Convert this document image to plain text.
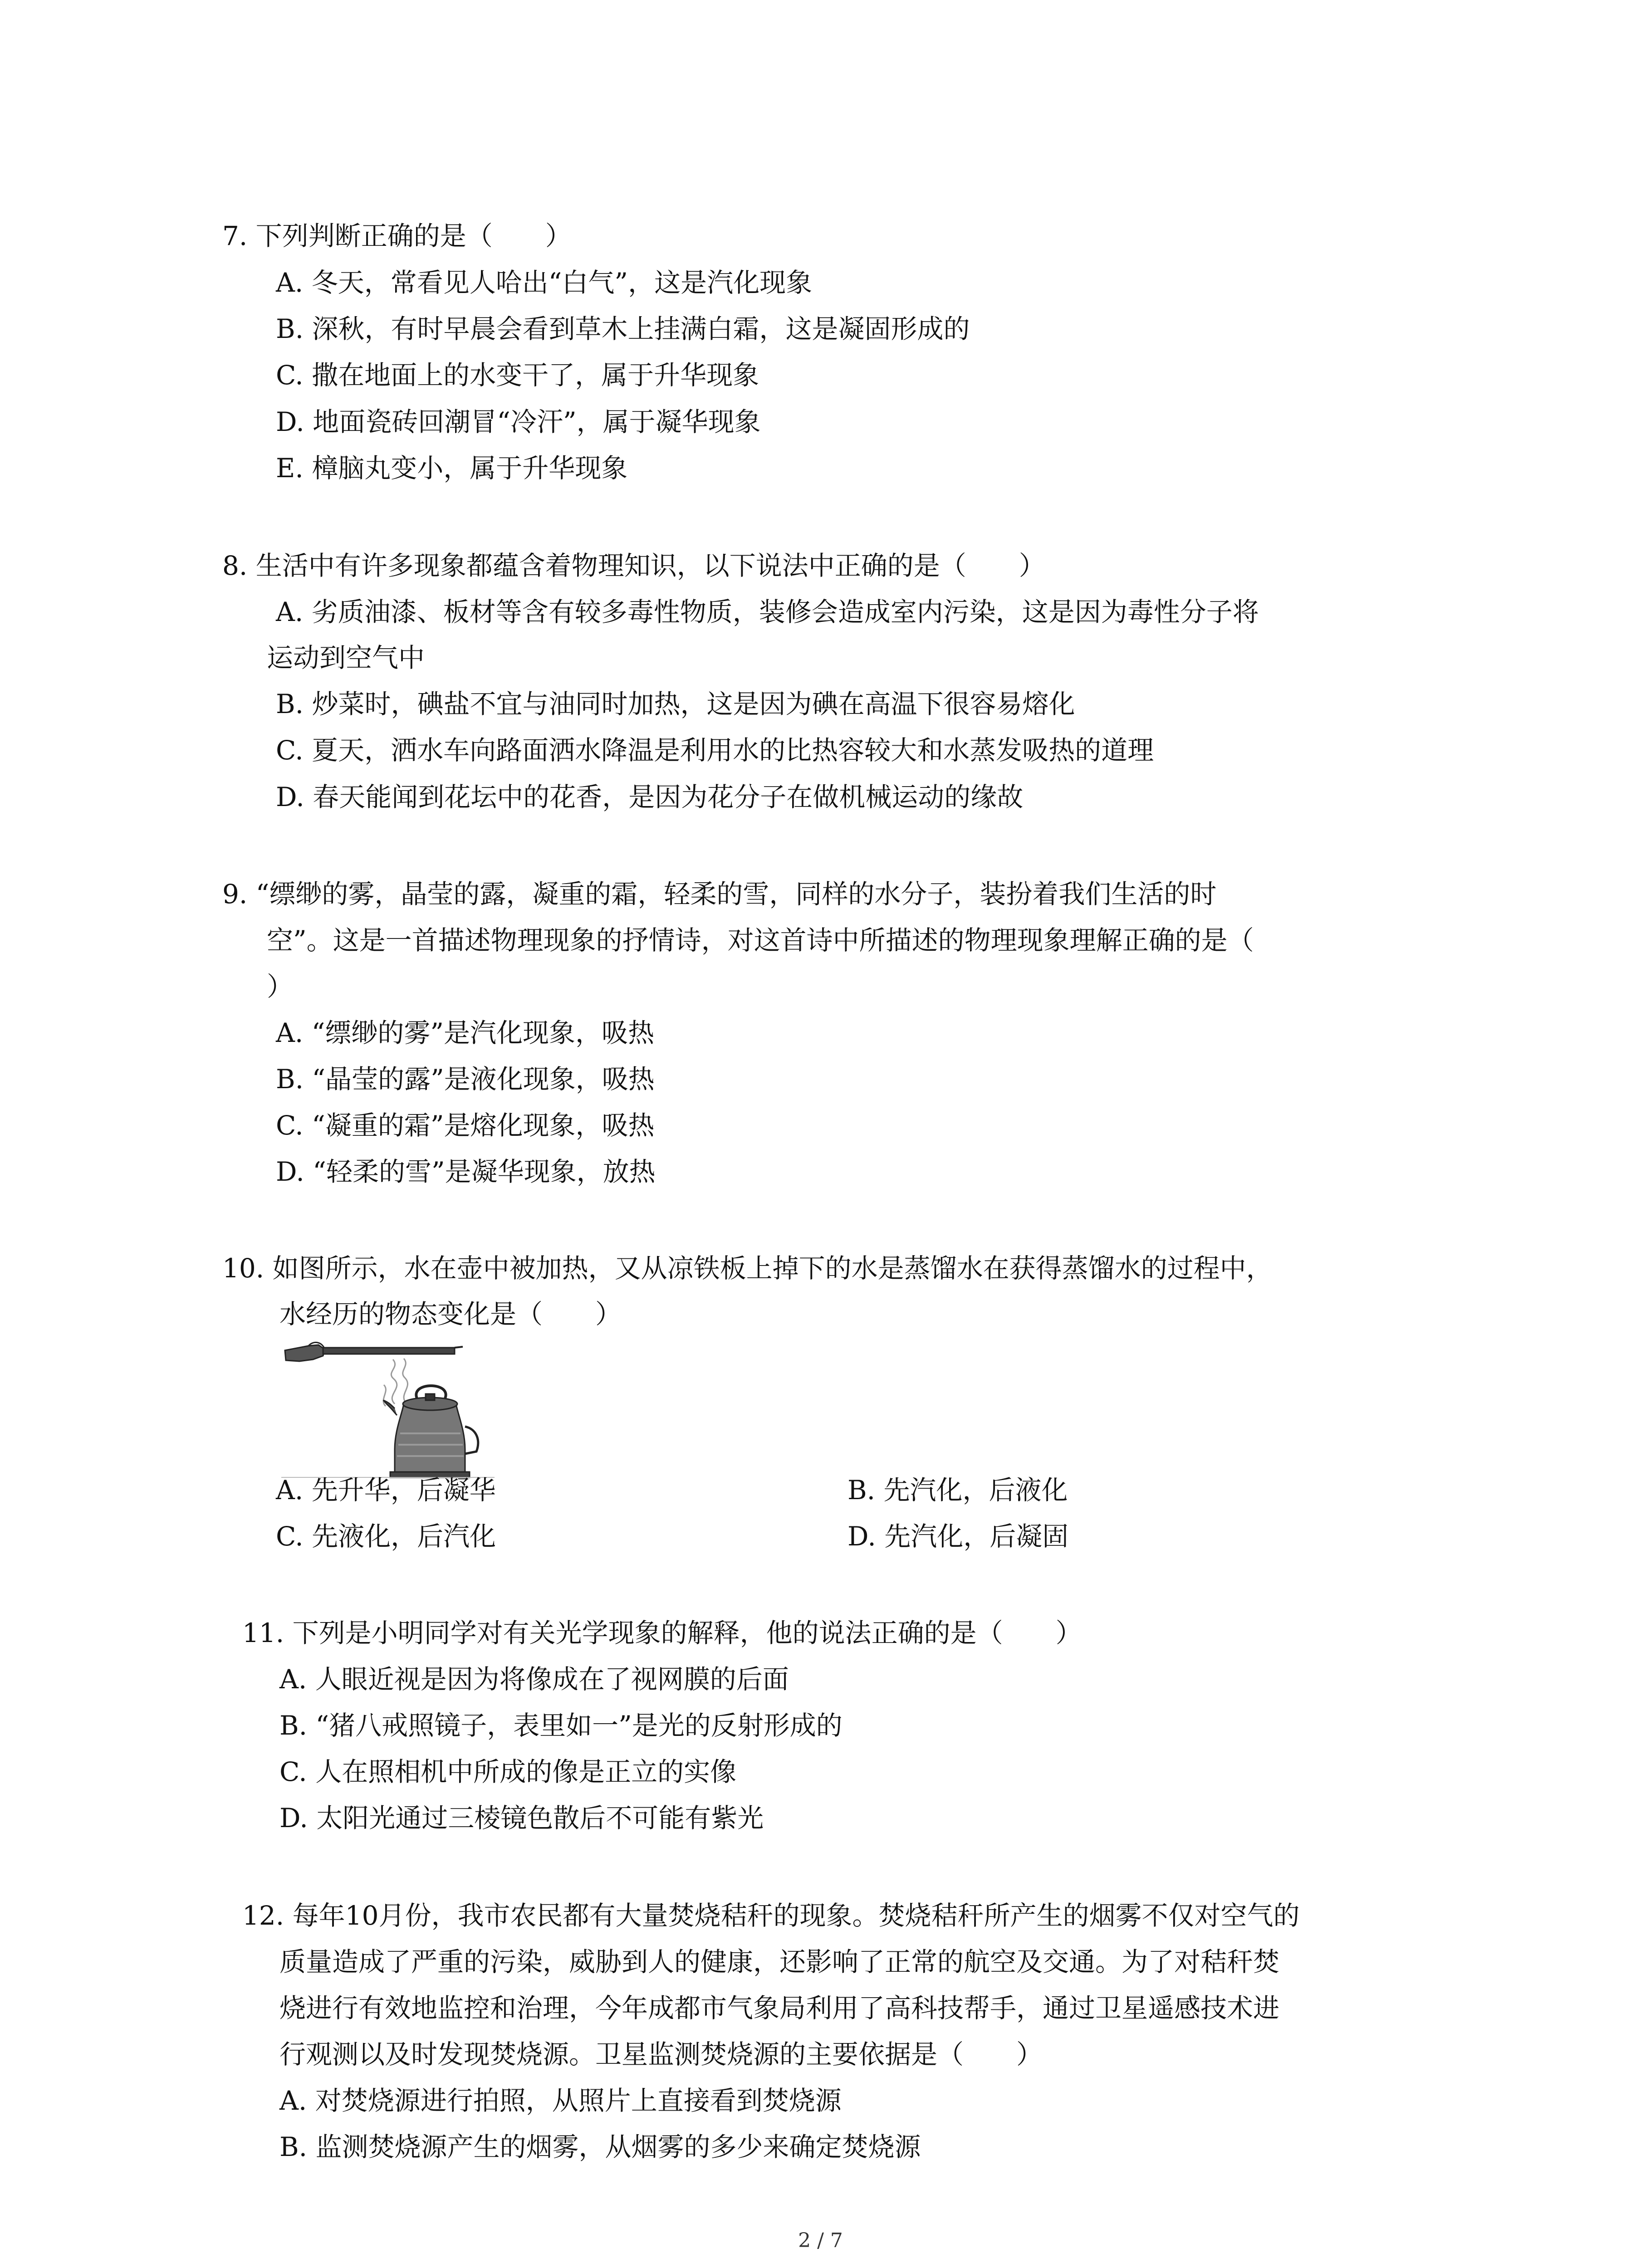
7. 下列判断正确的是（　　）
A. 冬天，常看见人哈出“白气”，这是汽化现象
B. 深秋，有时早晨会看到草木上挂满白霜，这是凝固形成的
C. 撒在地面上的水变干了，属于升华现象
D. 地面瓷砖回潮冒“冷汗”，属于凝华现象
E. 樟脑丸变小，属于升华现象
8. 生活中有许多现象都蕴含着物理知识，以下说法中正确的是（　　）
A. 劣质油漆、板材等含有较多毒性物质，装修会造成室内污染，这是因为毒性分子将
运动到空气中
B. 炒菜时，碘盐不宜与油同时加热，这是因为碘在高温下很容易熔化
C. 夏天，洒水车向路面洒水降温是利用水的比热容较大和水蒸发吸热的道理
D. 春天能闻到花坛中的花香，是因为花分子在做机械运动的缘故
9. “缥缈的雾，晶莹的露，凝重的霜，轻柔的雪，同样的水分子，装扮着我们生活的时
空”。这是一首描述物理现象的抒情诗，对这首诗中所描述的物理现象理解正确的是（
）
A. “缥缈的雾”是汽化现象，吸热
B. “晶莹的露”是液化现象，吸热
C. “凝重的霜”是熔化现象，吸热
D. “轻柔的雪”是凝华现象，放热
10. 如图所示，水在壶中被加热，又从凉铁板上掉下的水是蒸馏水在获得蒸馏水的过程中，
水经历的物态变化是（　　）
A. 先升华，后凝华	B. 先汽化，后液化
C. 先液化，后汽化	D. 先汽化，后凝固
11. 下列是小明同学对有关光学现象的解释，他的说法正确的是（　　）
A. 人眼近视是因为将像成在了视网膜的后面
B. “猪八戒照镜子，表里如一”是光的反射形成的
C. 人在照相机中所成的像是正立的实像
D. 太阳光通过三棱镜色散后不可能有紫光
12. 每年10月份，我市农民都有大量焚烧秸秆的现象。焚烧秸秆所产生的烟雾不仅对空气的
质量造成了严重的污染，威胁到人的健康，还影响了正常的航空及交通。为了对秸秆焚
烧进行有效地监控和治理，今年成都市气象局利用了高科技帮手，通过卫星遥感技术进
行观测以及时发现焚烧源。卫星监测焚烧源的主要依据是（　　）
A. 对焚烧源进行拍照，从照片上直接看到焚烧源
B. 监测焚烧源产生的烟雾，从烟雾的多少来确定焚烧源
2 / 7
